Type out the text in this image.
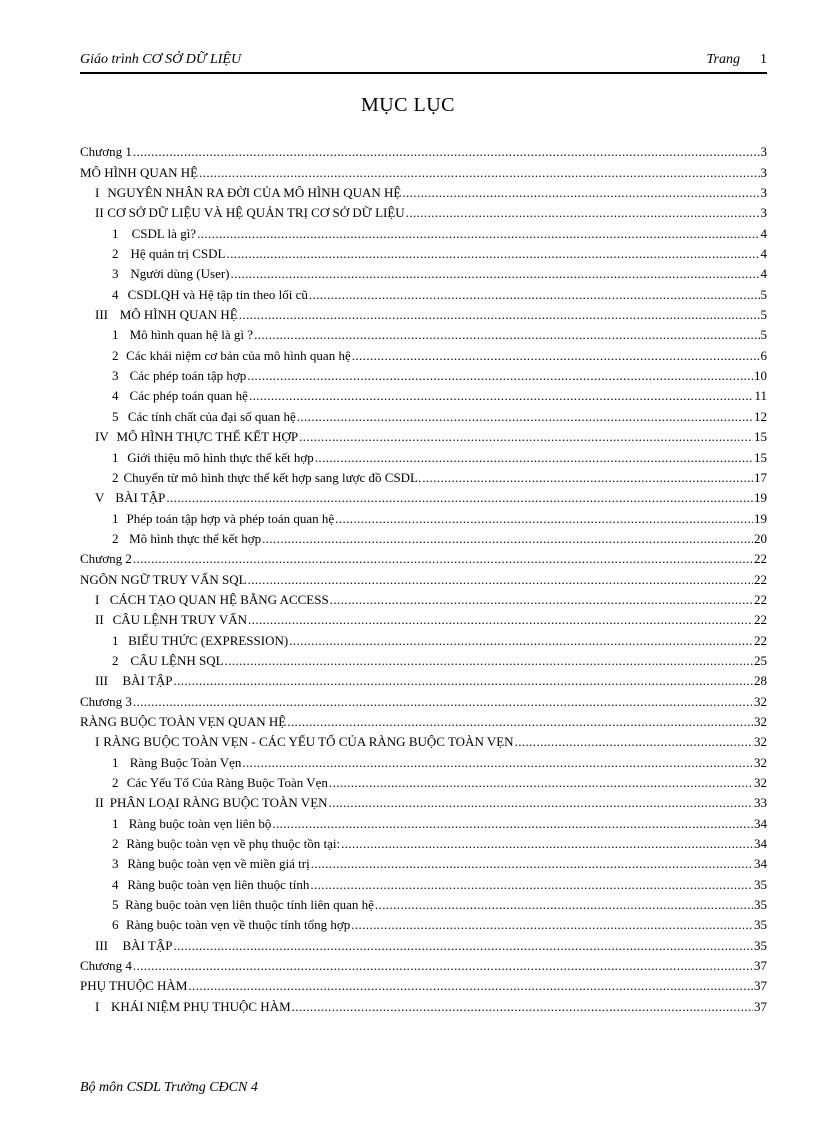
Giáo trình CƠ SỞ DỮ LIỆU	Trang 1
MỤC LỤC
Chương 1 .....	3
MÔ HÌNH QUAN HỆ .....	3
I NGUYÊN NHÂN RA ĐỜI CỦA MÔ HÌNH QUAN HỆ .....	3
II CƠ SỞ DỮ LIỆU VÀ HỆ QUẢN TRỊ CƠ SỞ DỮ LIỆU .....	3
1	CSDL là gì? .....	4
2 Hệ quản trị CSDL .....	4
3 Người dùng (User) .....	4
4 CSDLQH và Hệ tập tin theo lối cũ .....	5
III MÔ HÌNH QUAN HỆ .....	5
1 Mô hình quan hệ là gì ? .....	5
2 Các khái niệm cơ bản của mô hình quan hệ .....	6
3 Các phép toán tập hợp .....	10
4 Các phép toán quan hệ .....	11
5 Các tính chất của đại số quan hệ .....	12
IV MÔ HÌNH THỰC THỂ KẾT HỢP .....	15
1 Giới thiệu mô hình thực thể kết hợp .....	15
2 Chuyển từ mô hình thực thể kết hợp sang lược đồ CSDL. .....	17
V BÀI TẬP .....	19
1 Phép toán tập hợp và phép toán quan hệ .....	19
2 Mô hình thực thể kết hợp .....	20
Chương 2 .....	22
NGÔN NGỮ TRUY VẤN SQL .....	22
I CÁCH TẠO QUAN HỆ BẰNG ACCESS .....	22
II CÂU LỆNH TRUY VẤN .....	22
1 BIỂU THỨC (EXPRESSION) .....	22
2 CÂU LỆNH SQL .....	25
III	BÀI TẬP .....	28
Chương 3 .....	32
RÀNG BUỘC TOÀN VẸN QUAN HỆ .....	32
I RÀNG BUỘC TOÀN VẸN - CÁC YẾU TỐ CỦA RÀNG BUỘC TOÀN VẸN .....	32
1 Ràng Buộc Toàn Vẹn .....	32
2 Các Yếu Tố Của Ràng Buộc Toàn Vẹn .....	32
II PHÂN LOẠI RÀNG BUỘC TOÀN VẸN .....	33
1 Ràng buộc toàn vẹn liên bộ .....	34
2 Ràng buộc toàn vẹn về phụ thuộc tồn tại: .....	34
3 Ràng buộc toàn vẹn về miền giá trị .....	34
4 Ràng buộc toàn vẹn liên thuộc tính .....	35
5 Ràng buộc toàn vẹn liên thuộc tính liên quan hệ .....	35
6 Ràng buộc toàn vẹn về thuộc tính tổng hợp .....	35
III	BÀI TẬP .....	35
Chương 4 .....	37
PHỤ THUỘC HÀM .....	37
I KHÁI NIỆM PHỤ THUỘC HÀM .....	37
Bộ môn CSDL Trường CĐCN 4
